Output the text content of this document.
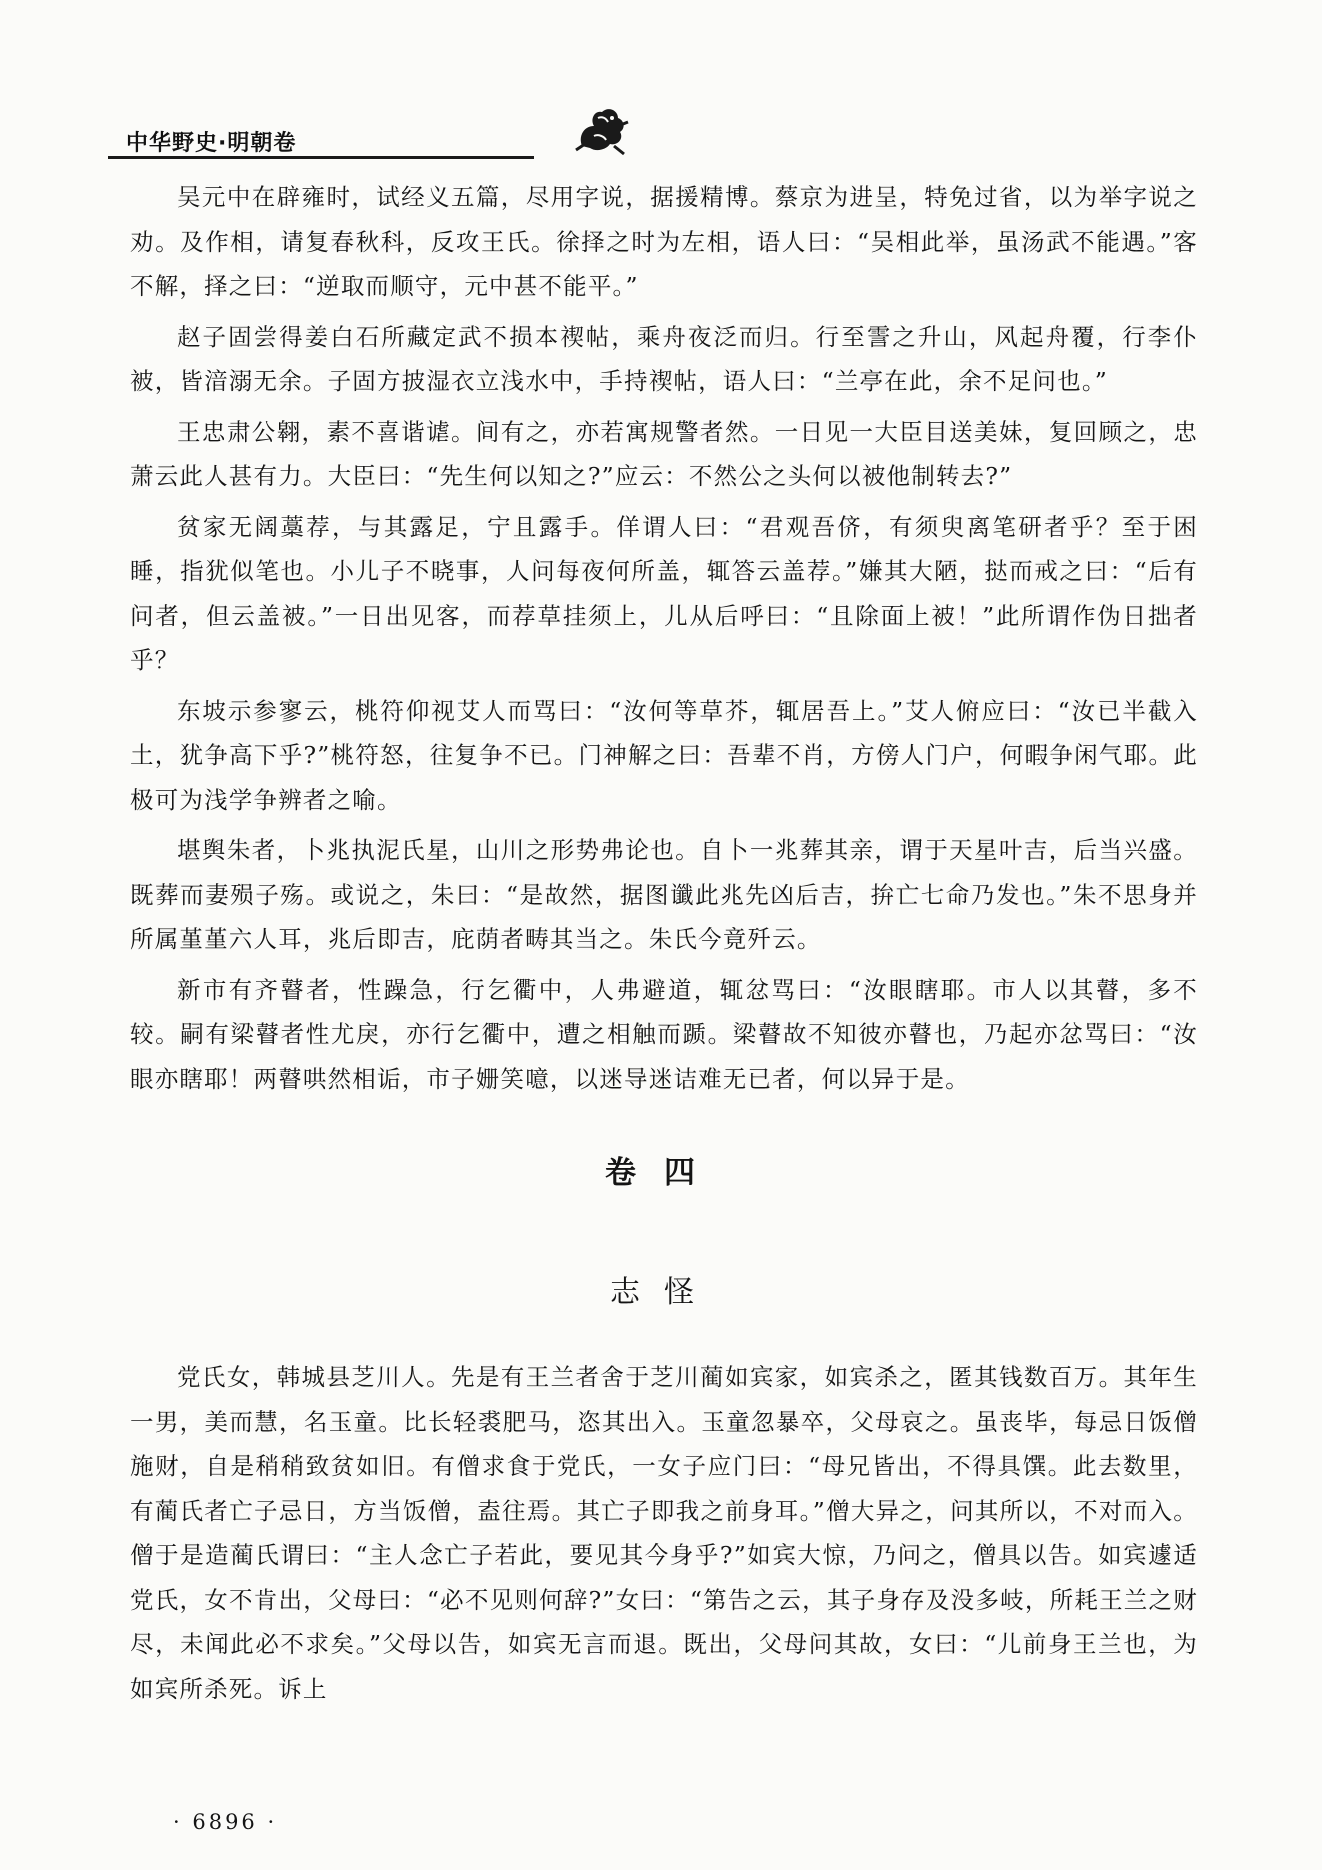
中华野史·明朝卷

吴元中在辟雍时，试经义五篇，尽用字说，据援精博。蔡京为进呈，特免过省，以为举字说之劝。及作相，请复春秋科，反攻王氏。徐择之时为左相，语人曰：“吴相此举，虽汤武不能遇。”客不解，择之曰：“逆取而顺守，元中甚不能平。”

赵子固尝得姜白石所藏定武不损本禊帖，乘舟夜泛而归。行至霅之升山，风起舟覆，行李仆被，皆湆溺无余。子固方披湿衣立浅水中，手持禊帖，语人曰：“兰亭在此，余不足问也。”

王忠肃公翱，素不喜谐谑。间有之，亦若寓规警者然。一日见一大臣目送美妹，复回顾之，忠萧云此人甚有力。大臣曰：“先生何以知之?”应云：不然公之头何以被他制转去?”

贫家无阔藁荐，与其露足，宁且露手。佯谓人曰：“君观吾侪，有须臾离笔研者乎？至于困睡，指犹似笔也。小儿子不晓事，人问每夜何所盖，辄答云盖荐。”嫌其大陋，挞而戒之曰：“后有问者，但云盖被。”一日出见客，而荐草挂须上，儿从后呼曰：“且除面上被！”此所谓作伪日拙者乎？

东坡示参寥云，桃符仰视艾人而骂曰：“汝何等草芥，辄居吾上。”艾人俯应曰：“汝已半截入土，犹争高下乎?”桃符怒，往复争不已。门神解之曰：吾辈不肖，方傍人门户，何暇争闲气耶。此极可为浅学争辨者之喻。

堪舆朱者，卜兆执泥氏星，山川之形势弗论也。自卜一兆葬其亲，谓于天星叶吉，后当兴盛。既葬而妻殒子殇。或说之，朱曰：“是故然，据图谶此兆先凶后吉，拚亡七命乃发也。”朱不思身并所属堇堇六人耳，兆后即吉，庇荫者畴其当之。朱氏今竟歼云。

新市有齐瞽者，性躁急，行乞衢中，人弗避道，辄忿骂曰：“汝眼瞎耶。市人以其瞽，多不较。嗣有梁瞽者性尤戾，亦行乞衢中，遭之相触而踬。梁瞽故不知彼亦瞽也，乃起亦忿骂曰：“汝眼亦瞎耶！两瞽哄然相诟，市子姗笑噫，以迷导迷诘难无已者，何以异于是。

卷四
志怪

党氏女，韩城县芝川人。先是有王兰者舍于芝川蔺如宾家，如宾杀之，匿其钱数百万。其年生一男，美而慧，名玉童。比长轻裘肥马，恣其出入。玉童忽暴卒，父母哀之。虽丧毕，每忌日饭僧施财，自是稍稍致贫如旧。有僧求食于党氏，一女子应门曰：“母兄皆出，不得具馔。此去数里，有蔺氏者亡子忌日，方当饭僧，盍往焉。其亡子即我之前身耳。”僧大异之，问其所以，不对而入。僧于是造蔺氏谓曰：“主人念亡子若此，要见其今身乎?”如宾大惊，乃问之，僧具以告。如宾遽适党氏，女不肯出，父母曰：“必不见则何辞?”女曰：“第告之云，其子身存及没多岐，所耗王兰之财尽，未闻此必不求矣。”父母以告，如宾无言而退。既出，父母问其故，女曰：“儿前身王兰也，为如宾所杀死。诉上

· 6896 ·
